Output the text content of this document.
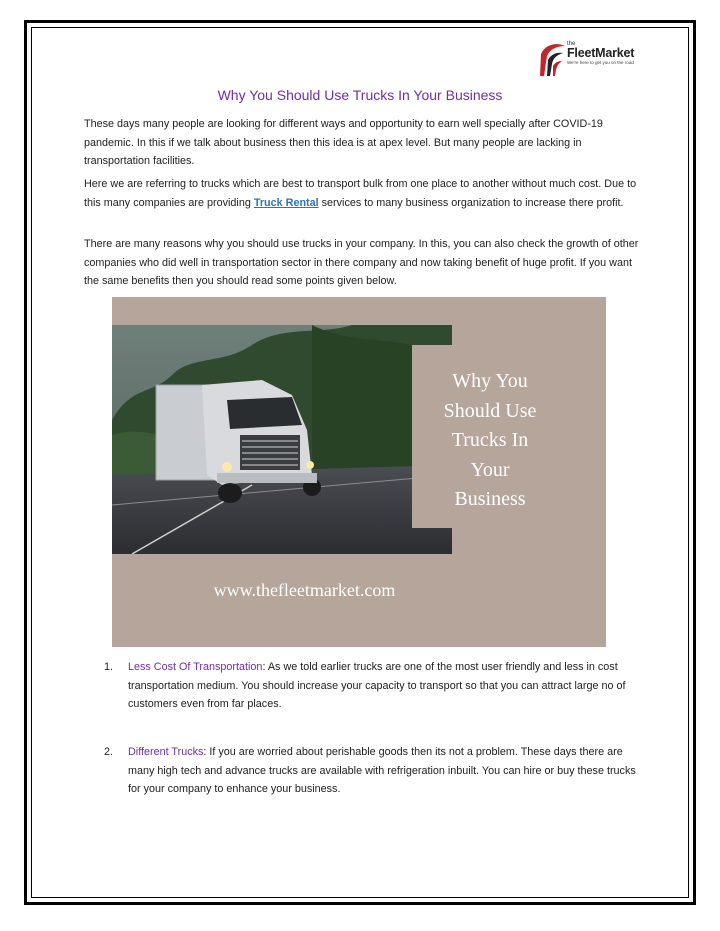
the
FleetMarket
We're here to get you on the road
Why You Should Use Trucks In Your Business

These days many people are looking for different ways and opportunity to earn well specially after COVID-19 pandemic. In this if we talk about business then this idea is at apex level. But many people are lacking in transportation facilities.

Here we are referring to trucks which are best to transport bulk from one place to another without much cost. Due to this many companies are providing Truck Rental services to many business organization to increase there profit.

There are many reasons why you should use trucks in your company. In this, you can also check the growth of other companies who did well in transportation sector in there company and now taking benefit of huge profit. If you want the same benefits then you should read some points given below.

Why You
Should Use
Trucks In
Your
Business
www.thefleetmarket.com
1.	Less Cost Of Transportation: As we told earlier trucks are one of the most user friendly and less in cost transportation medium. You should increase your capacity to transport so that you can attract large no of customers even from far places.
2.	Different Trucks: If you are worried about perishable goods then its not a problem. These days there are many high tech and advance trucks are available with refrigeration inbuilt. You can hire or buy these trucks for your company to enhance your business.
